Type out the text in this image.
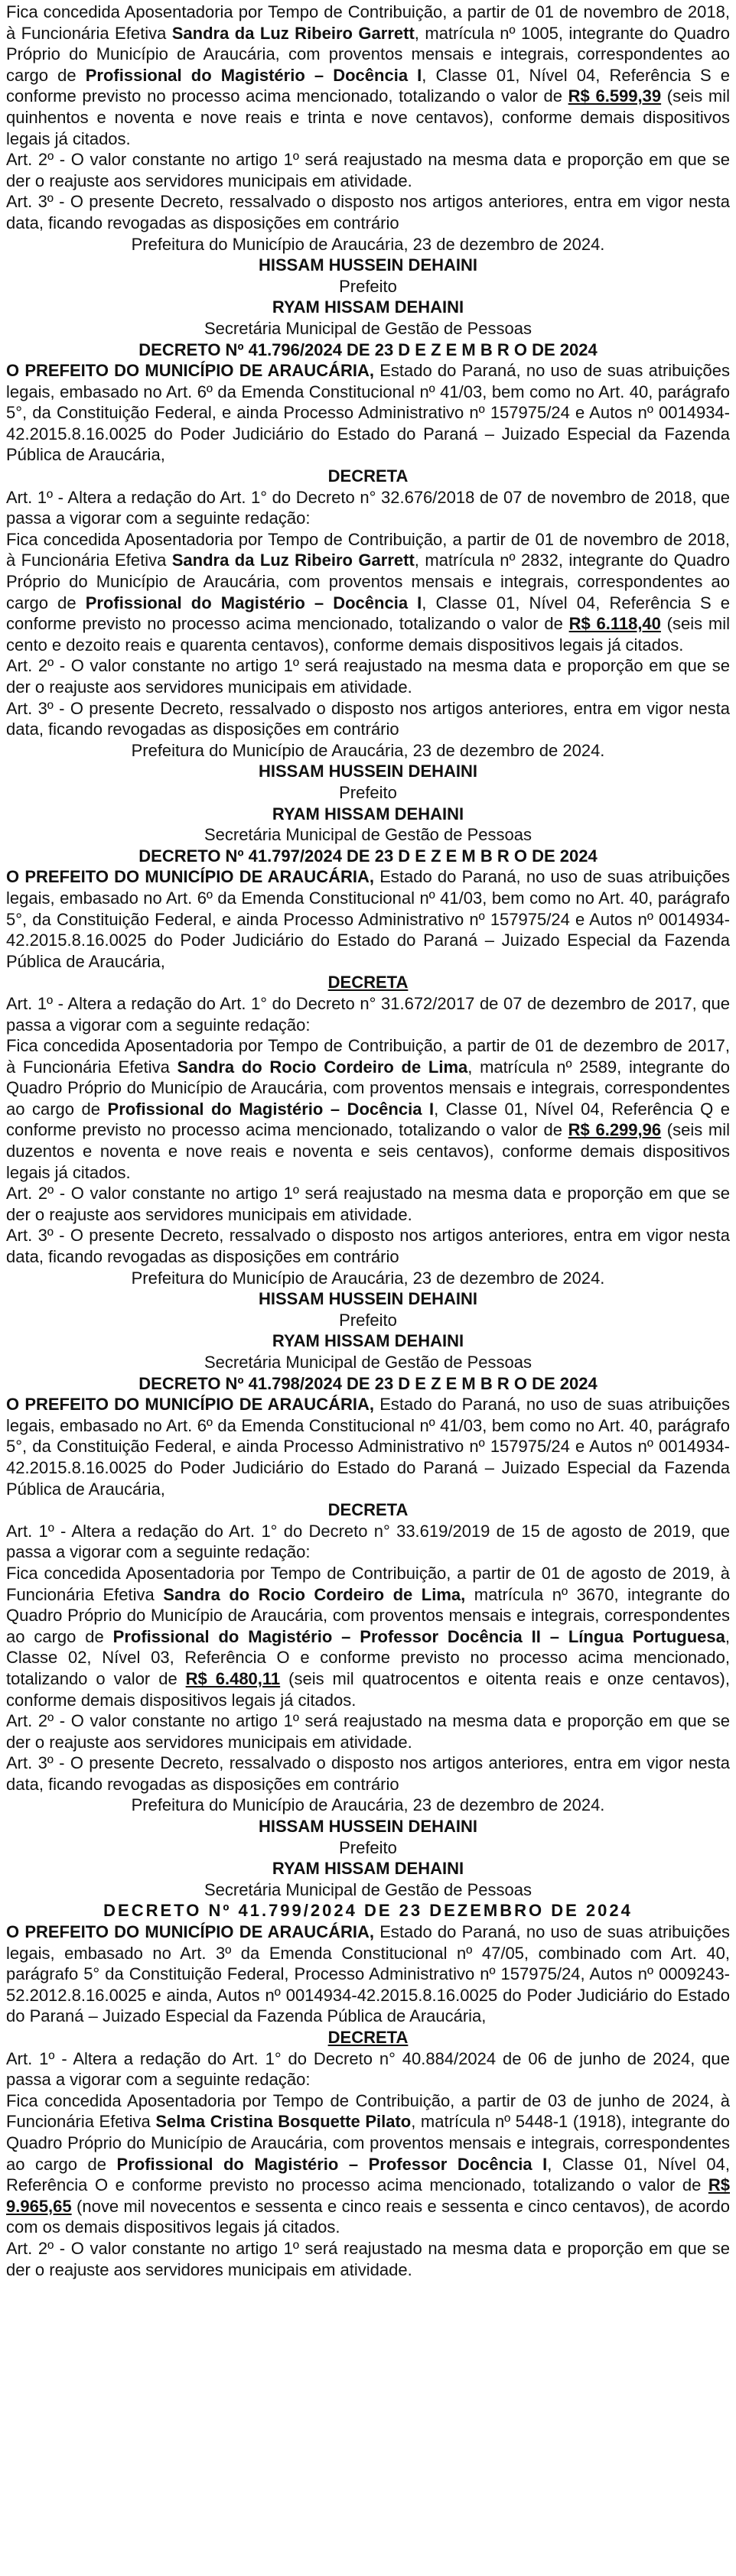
Fica concedida Aposentadoria por Tempo de Contribuição, a partir de 01 de novembro de 2018, à Funcionária Efetiva Sandra da Luz Ribeiro Garrett, matrícula nº 1005, integrante do Quadro Próprio do Município de Araucária, com proventos mensais e integrais, correspondentes ao cargo de Profissional do Magistério – Docência I, Classe 01, Nível 04, Referência S e conforme previsto no processo acima mencionado, totalizando o valor de R$ 6.599,39 (seis mil quinhentos e noventa e nove reais e trinta e nove centavos), conforme demais dispositivos legais já citados.

Art. 2º - O valor constante no artigo 1º será reajustado na mesma data e proporção em que se der o reajuste aos servidores municipais em atividade.

Art. 3º - O presente Decreto, ressalvado o disposto nos artigos anteriores, entra em vigor nesta data, ficando revogadas as disposições em contrário

Prefeitura do Município de Araucária, 23 de dezembro de 2024.

HISSAM HUSSEIN DEHAINI

Prefeito

RYAM HISSAM DEHAINI

Secretária Municipal de Gestão de Pessoas

DECRETO Nº 41.796/2024 DE 23 D E Z E M B R O DE 2024

O PREFEITO DO MUNICÍPIO DE ARAUCÁRIA, Estado do Paraná, no uso de suas atribuições legais, embasado no Art. 6º da Emenda Constitucional nº 41/03, bem como no Art. 40, parágrafo 5°, da Constituição Federal, e ainda Processo Administrativo nº 157975/24 e Autos nº 0014934-42.2015.8.16.0025 do Poder Judiciário do Estado do Paraná – Juizado Especial da Fazenda Pública de Araucária,

DECRETA

Art. 1º - Altera a redação do Art. 1° do Decreto n° 32.676/2018 de 07 de novembro de 2018, que passa a vigorar com a seguinte redação:

Fica concedida Aposentadoria por Tempo de Contribuição, a partir de 01 de novembro de 2018, à Funcionária Efetiva Sandra da Luz Ribeiro Garrett, matrícula nº 2832, integrante do Quadro Próprio do Município de Araucária, com proventos mensais e integrais, correspondentes ao cargo de Profissional do Magistério – Docência I, Classe 01, Nível 04, Referência S e conforme previsto no processo acima mencionado, totalizando o valor de R$ 6.118,40 (seis mil cento e dezoito reais e quarenta centavos), conforme demais dispositivos legais já citados.

Art. 2º - O valor constante no artigo 1º será reajustado na mesma data e proporção em que se der o reajuste aos servidores municipais em atividade.

Art. 3º - O presente Decreto, ressalvado o disposto nos artigos anteriores, entra em vigor nesta data, ficando revogadas as disposições em contrário

Prefeitura do Município de Araucária, 23 de dezembro de 2024.

HISSAM HUSSEIN DEHAINI

Prefeito

RYAM HISSAM DEHAINI

Secretária Municipal de Gestão de Pessoas

DECRETO Nº 41.797/2024 DE 23 D E Z E M B R O DE 2024

O PREFEITO DO MUNICÍPIO DE ARAUCÁRIA, Estado do Paraná, no uso de suas atribuições legais, embasado no Art. 6º da Emenda Constitucional nº 41/03, bem como no Art. 40, parágrafo 5°, da Constituição Federal, e ainda Processo Administrativo nº 157975/24 e Autos nº 0014934-42.2015.8.16.0025 do Poder Judiciário do Estado do Paraná – Juizado Especial da Fazenda Pública de Araucária,

DECRETA

Art. 1º - Altera a redação do Art. 1° do Decreto n° 31.672/2017 de 07 de dezembro de 2017, que passa a vigorar com a seguinte redação:

Fica concedida Aposentadoria por Tempo de Contribuição, a partir de 01 de dezembro de 2017, à Funcionária Efetiva Sandra do Rocio Cordeiro de Lima, matrícula nº 2589, integrante do Quadro Próprio do Município de Araucária, com proventos mensais e integrais, correspondentes ao cargo de Profissional do Magistério – Docência I, Classe 01, Nível 04, Referência Q e conforme previsto no processo acima mencionado, totalizando o valor de R$ 6.299,96 (seis mil duzentos e noventa e nove reais e noventa e seis centavos), conforme demais dispositivos legais já citados.

Art. 2º - O valor constante no artigo 1º será reajustado na mesma data e proporção em que se der o reajuste aos servidores municipais em atividade.

Art. 3º - O presente Decreto, ressalvado o disposto nos artigos anteriores, entra em vigor nesta data, ficando revogadas as disposições em contrário

Prefeitura do Município de Araucária, 23 de dezembro de 2024.

HISSAM HUSSEIN DEHAINI

Prefeito

RYAM HISSAM DEHAINI

Secretária Municipal de Gestão de Pessoas

DECRETO Nº 41.798/2024 DE 23 D E Z E M B R O DE 2024

O PREFEITO DO MUNICÍPIO DE ARAUCÁRIA, Estado do Paraná, no uso de suas atribuições legais, embasado no Art. 6º da Emenda Constitucional nº 41/03, bem como no Art. 40, parágrafo 5°, da Constituição Federal, e ainda Processo Administrativo nº 157975/24 e Autos nº 0014934-42.2015.8.16.0025 do Poder Judiciário do Estado do Paraná – Juizado Especial da Fazenda Pública de Araucária,

DECRETA

Art. 1º - Altera a redação do Art. 1° do Decreto n° 33.619/2019 de 15 de agosto de 2019, que passa a vigorar com a seguinte redação:

Fica concedida Aposentadoria por Tempo de Contribuição, a partir de 01 de agosto de 2019, à Funcionária Efetiva Sandra do Rocio Cordeiro de Lima, matrícula nº 3670, integrante do Quadro Próprio do Município de Araucária, com proventos mensais e integrais, correspondentes ao cargo de Profissional do Magistério – Professor Docência II – Língua Portuguesa, Classe 02, Nível 03, Referência O e conforme previsto no processo acima mencionado, totalizando o valor de R$ 6.480,11 (seis mil quatrocentos e oitenta reais e onze centavos), conforme demais dispositivos legais já citados.

Art. 2º - O valor constante no artigo 1º será reajustado na mesma data e proporção em que se der o reajuste aos servidores municipais em atividade.

Art. 3º - O presente Decreto, ressalvado o disposto nos artigos anteriores, entra em vigor nesta data, ficando revogadas as disposições em contrário

Prefeitura do Município de Araucária, 23 de dezembro de 2024.

HISSAM HUSSEIN DEHAINI

Prefeito

RYAM HISSAM DEHAINI

Secretária Municipal de Gestão de Pessoas

DECRETO Nº 41.799/2024 DE 23 DEZEMBRO DE 2024

O PREFEITO DO MUNICÍPIO DE ARAUCÁRIA, Estado do Paraná, no uso de suas atribuições legais, embasado no Art. 3º da Emenda Constitucional nº 47/05, combinado com Art. 40, parágrafo 5° da Constituição Federal, Processo Administrativo nº 157975/24, Autos nº 0009243-52.2012.8.16.0025 e ainda, Autos nº 0014934-42.2015.8.16.0025 do Poder Judiciário do Estado do Paraná – Juizado Especial da Fazenda Pública de Araucária,

DECRETA

Art. 1º - Altera a redação do Art. 1° do Decreto n° 40.884/2024 de 06 de junho de 2024, que passa a vigorar com a seguinte redação:

Fica concedida Aposentadoria por Tempo de Contribuição, a partir de 03 de junho de 2024, à Funcionária Efetiva Selma Cristina Bosquette Pilato, matrícula nº 5448-1 (1918), integrante do Quadro Próprio do Município de Araucária, com proventos mensais e integrais, correspondentes ao cargo de Profissional do Magistério – Professor Docência I, Classe 01, Nível 04, Referência O e conforme previsto no processo acima mencionado, totalizando o valor de R$ 9.965,65 (nove mil novecentos e sessenta e cinco reais e sessenta e cinco centavos), de acordo com os demais dispositivos legais já citados.

Art. 2º - O valor constante no artigo 1º será reajustado na mesma data e proporção em que se der o reajuste aos servidores municipais em atividade.
